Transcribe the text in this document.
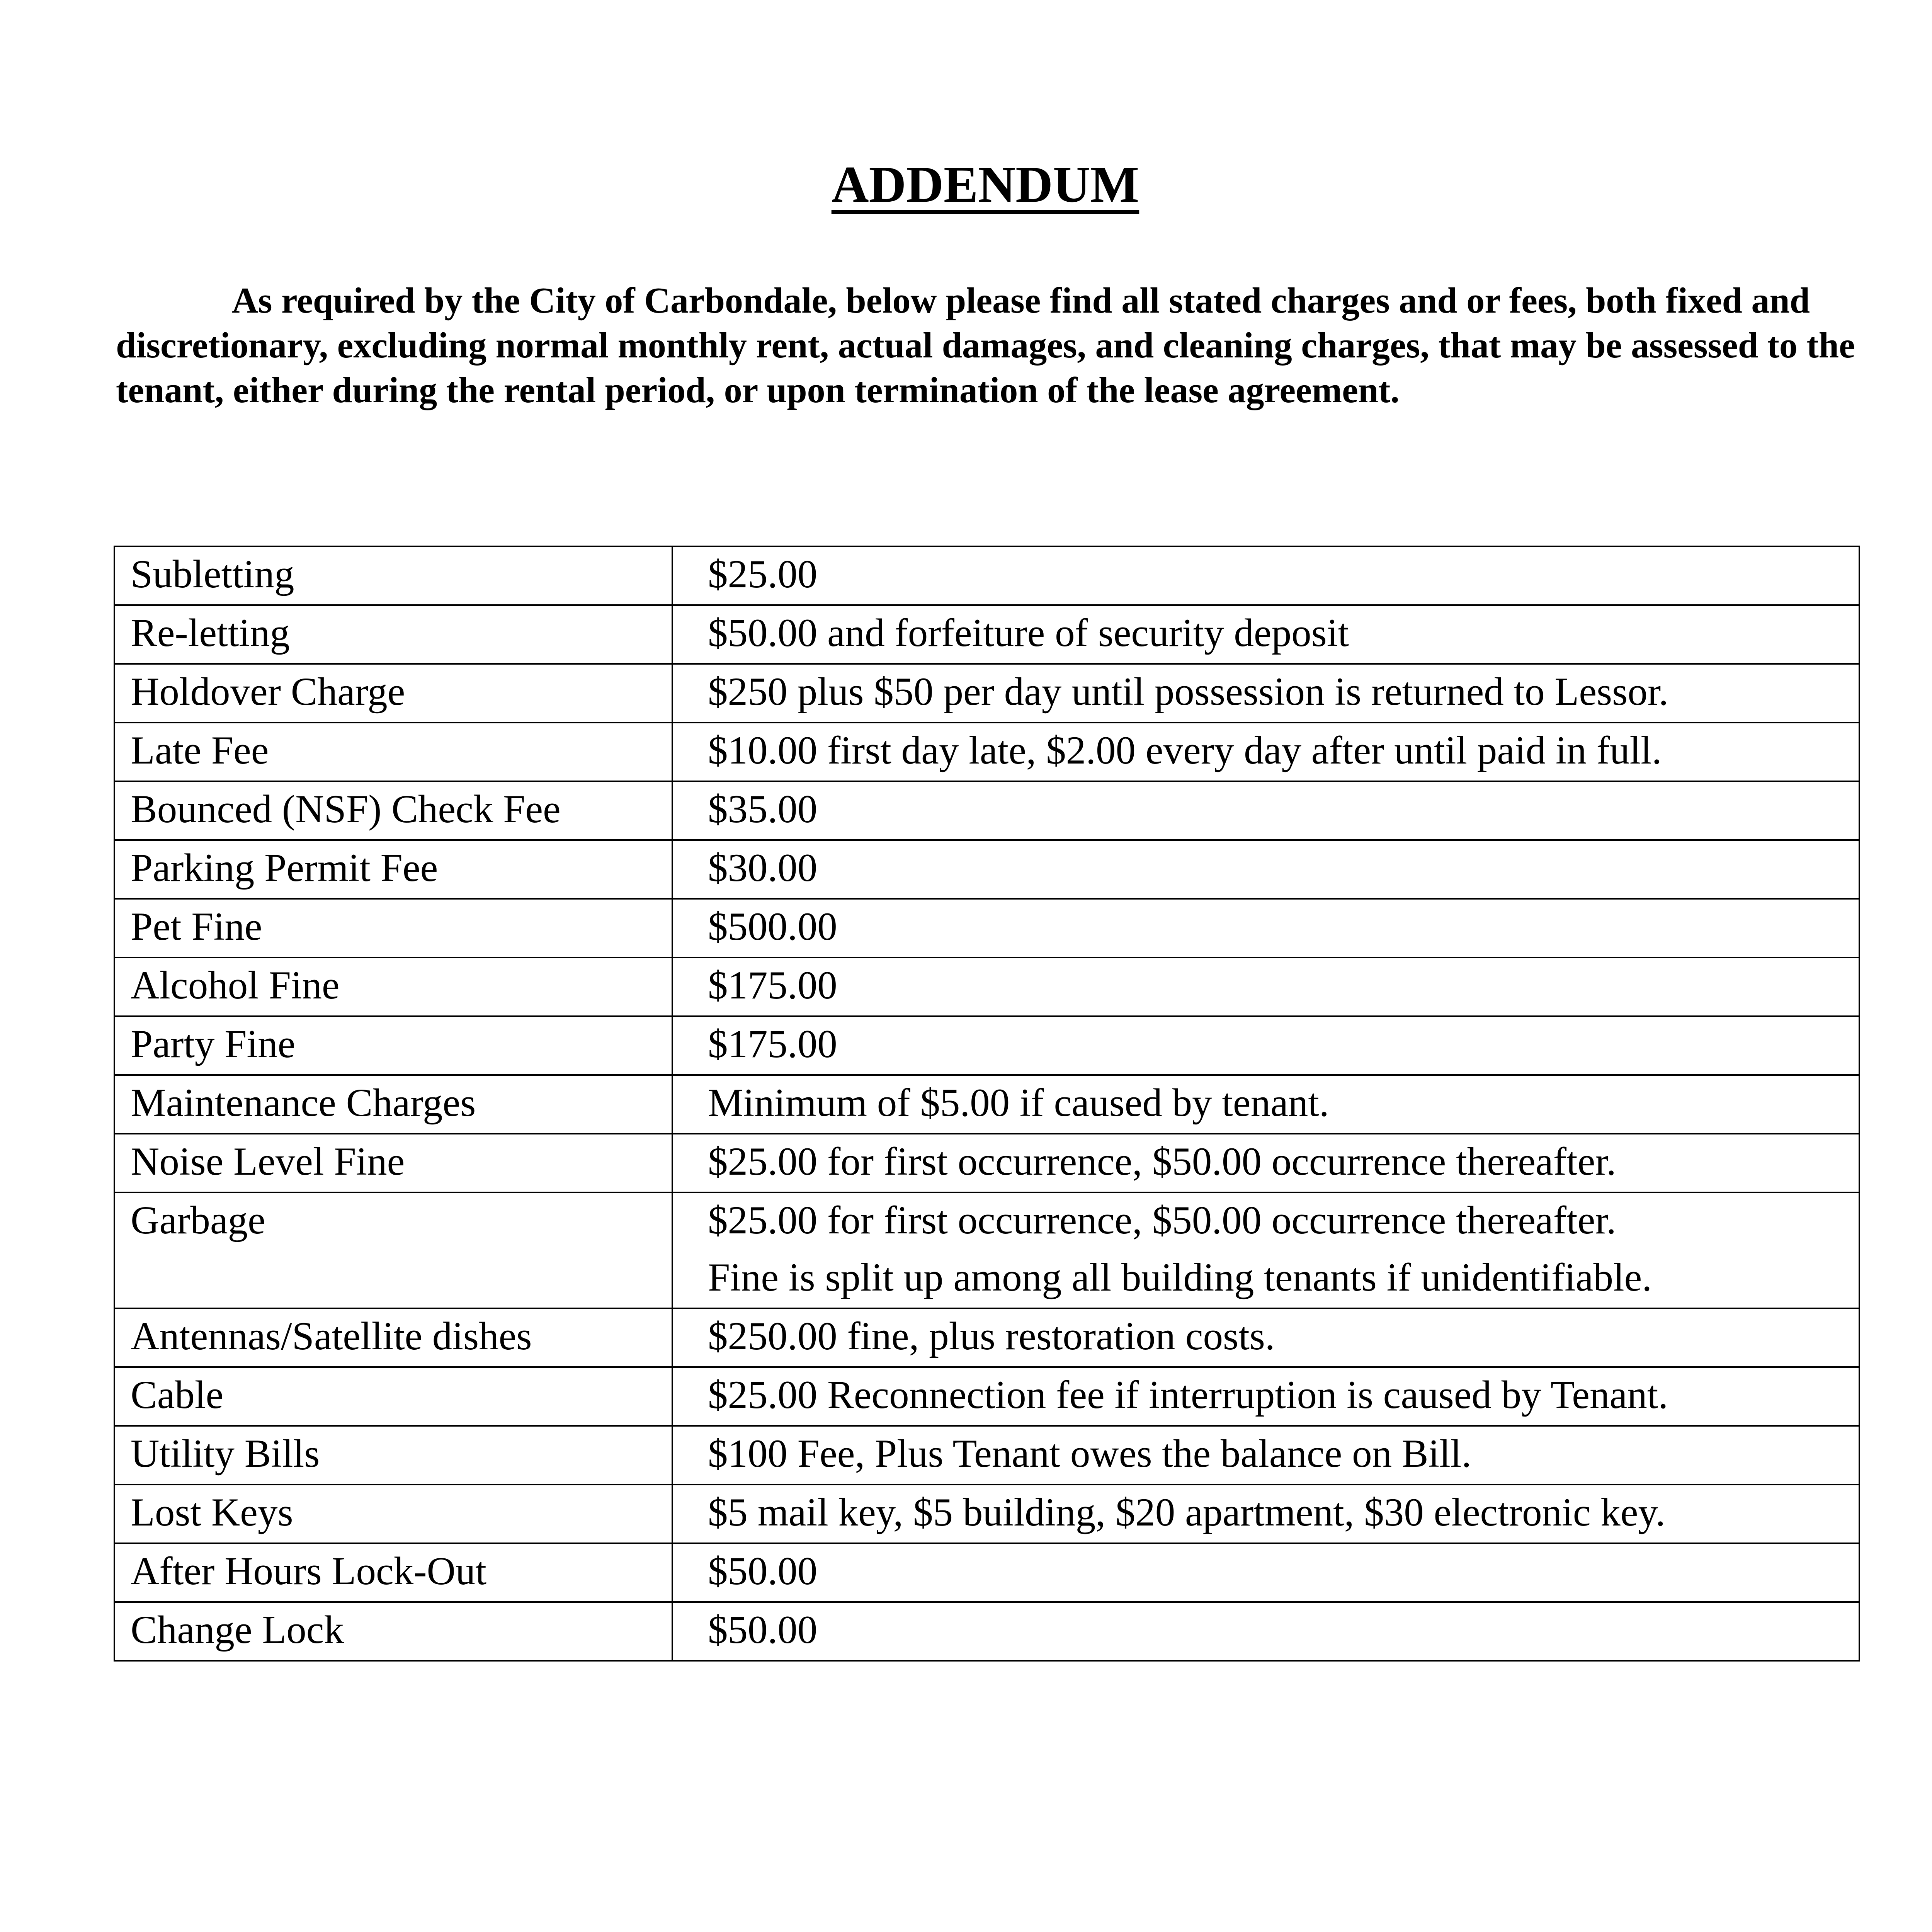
ADDENDUM

As required by the City of Carbondale, below please find all stated charges and or fees, both fixed and discretionary, excluding normal monthly rent, actual damages, and cleaning charges, that may be assessed to the tenant, either during the rental period, or upon termination of the lease agreement.

Subletting	$25.00

Re-letting	$50.00 and forfeiture of security deposit

Holdover Charge	$250 plus $50 per day until possession is returned to Lessor.

Late Fee	$10.00 first day late, $2.00 every day after until paid in full.

Bounced (NSF) Check Fee	$35.00

Parking Permit Fee	$30.00

Pet Fine	$500.00

Alcohol Fine	$175.00

Party Fine	$175.00

Maintenance Charges	Minimum of $5.00 if caused by tenant.

Noise Level Fine	$25.00 for first occurrence, $50.00 occurrence thereafter.

Garbage	$25.00 for first occurrence, $50.00 occurrence thereafter.
Fine is split up among all building tenants if unidentifiable.

Antennas/Satellite dishes	$250.00 fine, plus restoration costs.

Cable	$25.00 Reconnection fee if interruption is caused by Tenant.

Utility Bills	$100 Fee, Plus Tenant owes the balance on Bill.

Lost Keys	$5 mail key, $5 building, $20 apartment, $30 electronic key.

After Hours Lock-Out	$50.00

Change Lock	$50.00
